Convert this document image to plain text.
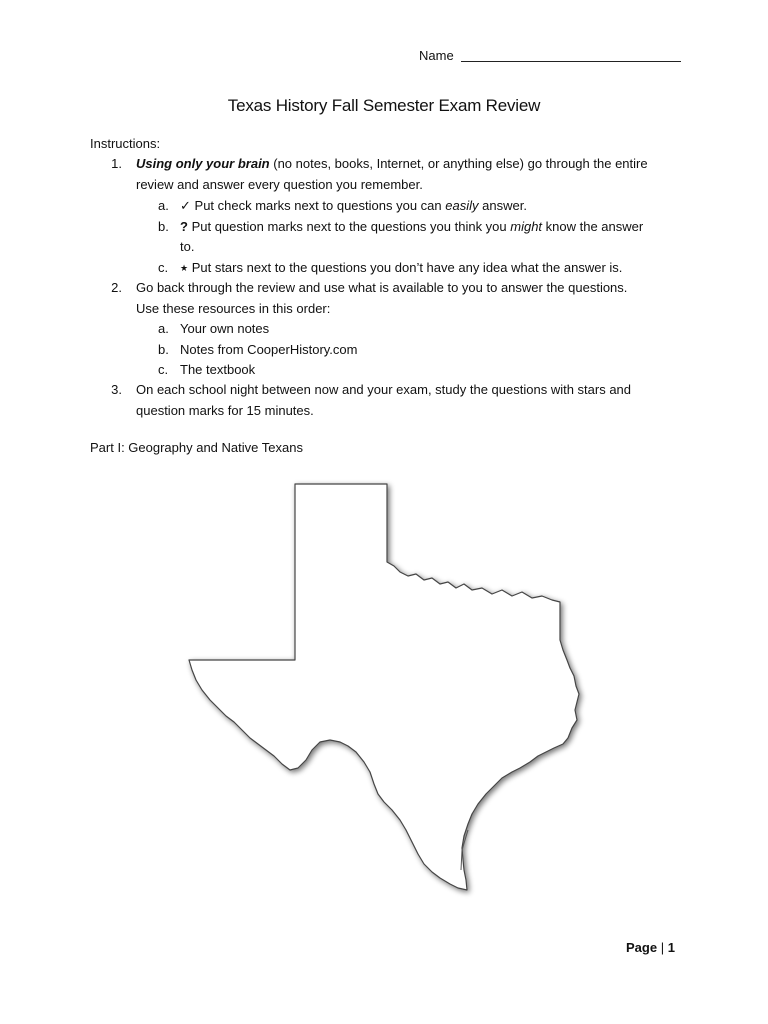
Name
Texas History Fall Semester Exam Review
Instructions:
1. Using only your brain (no notes, books, Internet, or anything else) go through the entire
review and answer every question you remember.
a. ✓ Put check marks next to questions you can easily answer.
b. ? Put question marks next to the questions you think you might know the answer
to.
c. ★ Put stars next to the questions you don’t have any idea what the answer is.
2. Go back through the review and use what is available to you to answer the questions.
Use these resources in this order:
a. Your own notes
b. Notes from CooperHistory.com
c. The textbook
3. On each school night between now and your exam, study the questions with stars and
question marks for 15 minutes.
Part I: Geography and Native Texans
Page | 1
